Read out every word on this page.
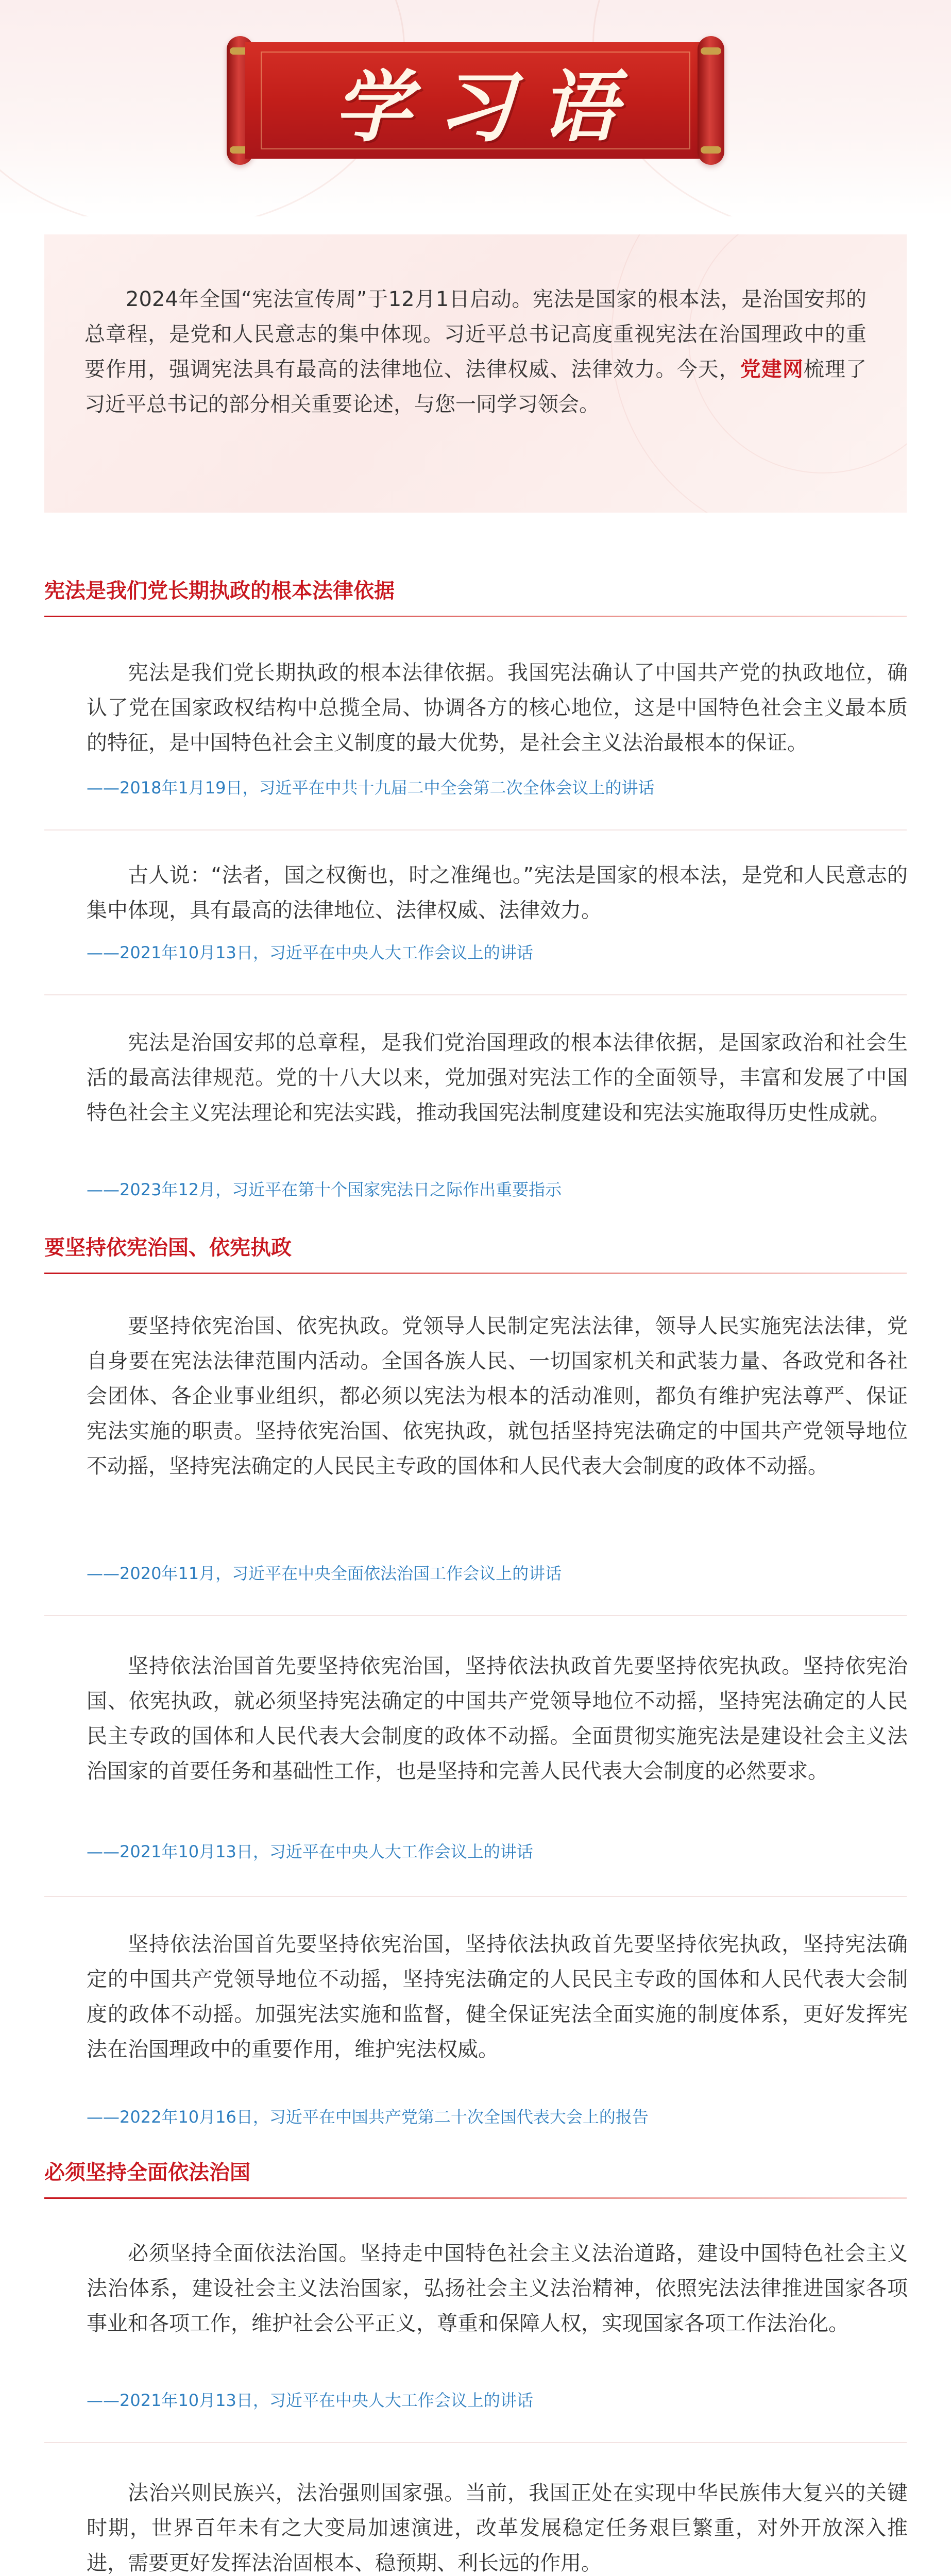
学习语
2024年全国“宪法宣传周”于12月1日启动。宪法是国家的根本法，是治国安邦的总章程，是党和人民意志的集中体现。习近平总书记高度重视宪法在治国理政中的重要作用，强调宪法具有最高的法律地位、法律权威、法律效力。今天，党建网梳理了习近平总书记的部分相关重要论述，与您一同学习领会。
宪法是我们党长期执政的根本法律依据
宪法是我们党长期执政的根本法律依据。我国宪法确认了中国共产党的执政地位，确认了党在国家政权结构中总揽全局、协调各方的核心地位，这是中国特色社会主义最本质的特征，是中国特色社会主义制度的最大优势，是社会主义法治最根本的保证。
——2018年1月19日，习近平在中共十九届二中全会第二次全体会议上的讲话
古人说：“法者，国之权衡也，时之准绳也。”宪法是国家的根本法，是党和人民意志的集中体现，具有最高的法律地位、法律权威、法律效力。
——2021年10月13日，习近平在中央人大工作会议上的讲话
宪法是治国安邦的总章程，是我们党治国理政的根本法律依据，是国家政治和社会生活的最高法律规范。党的十八大以来，党加强对宪法工作的全面领导，丰富和发展了中国特色社会主义宪法理论和宪法实践，推动我国宪法制度建设和宪法实施取得历史性成就。
——2023年12月，习近平在第十个国家宪法日之际作出重要指示
要坚持依宪治国、依宪执政
要坚持依宪治国、依宪执政。党领导人民制定宪法法律，领导人民实施宪法法律，党自身要在宪法法律范围内活动。全国各族人民、一切国家机关和武装力量、各政党和各社会团体、各企业事业组织，都必须以宪法为根本的活动准则，都负有维护宪法尊严、保证宪法实施的职责。坚持依宪治国、依宪执政，就包括坚持宪法确定的中国共产党领导地位不动摇，坚持宪法确定的人民民主专政的国体和人民代表大会制度的政体不动摇。
——2020年11月，习近平在中央全面依法治国工作会议上的讲话
坚持依法治国首先要坚持依宪治国，坚持依法执政首先要坚持依宪执政。坚持依宪治国、依宪执政，就必须坚持宪法确定的中国共产党领导地位不动摇，坚持宪法确定的人民民主专政的国体和人民代表大会制度的政体不动摇。全面贯彻实施宪法是建设社会主义法治国家的首要任务和基础性工作，也是坚持和完善人民代表大会制度的必然要求。
——2021年10月13日，习近平在中央人大工作会议上的讲话
坚持依法治国首先要坚持依宪治国，坚持依法执政首先要坚持依宪执政，坚持宪法确定的中国共产党领导地位不动摇，坚持宪法确定的人民民主专政的国体和人民代表大会制度的政体不动摇。加强宪法实施和监督，健全保证宪法全面实施的制度体系，更好发挥宪法在治国理政中的重要作用，维护宪法权威。
——2022年10月16日，习近平在中国共产党第二十次全国代表大会上的报告
必须坚持全面依法治国
必须坚持全面依法治国。坚持走中国特色社会主义法治道路，建设中国特色社会主义法治体系，建设社会主义法治国家，弘扬社会主义法治精神，依照宪法法律推进国家各项事业和各项工作，维护社会公平正义，尊重和保障人权，实现国家各项工作法治化。
——2021年10月13日，习近平在中央人大工作会议上的讲话
法治兴则民族兴，法治强则国家强。当前，我国正处在实现中华民族伟大复兴的关键时期，世界百年未有之大变局加速演进，改革发展稳定任务艰巨繁重，对外开放深入推进，需要更好发挥法治固根本、稳预期、利长远的作用。
